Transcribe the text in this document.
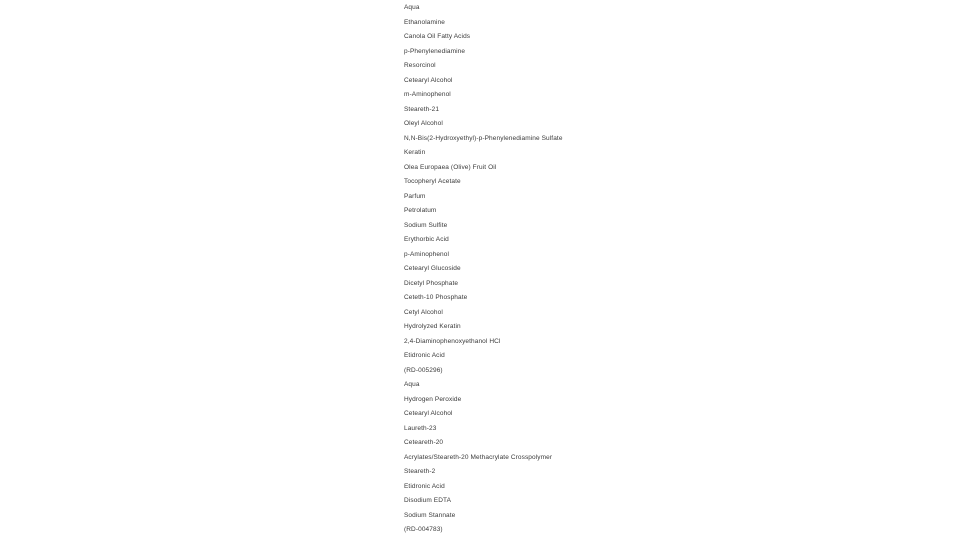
Aqua
Ethanolamine
Canola Oil Fatty Acids
p-Phenylenediamine
Resorcinol
Cetearyl Alcohol
m-Aminophenol
Steareth-21
Oleyl Alcohol
N,N-Bis(2-Hydroxyethyl)-p-Phenylenediamine Sulfate
Keratin
Olea Europaea (Olive) Fruit Oil
Tocopheryl Acetate
Parfum
Petrolatum
Sodium Sulfite
Erythorbic Acid
p-Aminophenol
Cetearyl Glucoside
Dicetyl Phosphate
Ceteth-10 Phosphate
Cetyl Alcohol
Hydrolyzed Keratin
2,4-Diaminophenoxyethanol HCl
Etidronic Acid
(RD-005296)
Aqua
Hydrogen Peroxide
Cetearyl Alcohol
Laureth-23
Ceteareth-20
Acrylates/Steareth-20 Methacrylate Crosspolymer
Steareth-2
Etidronic Acid
Disodium EDTA
Sodium Stannate
(RD-004783)
